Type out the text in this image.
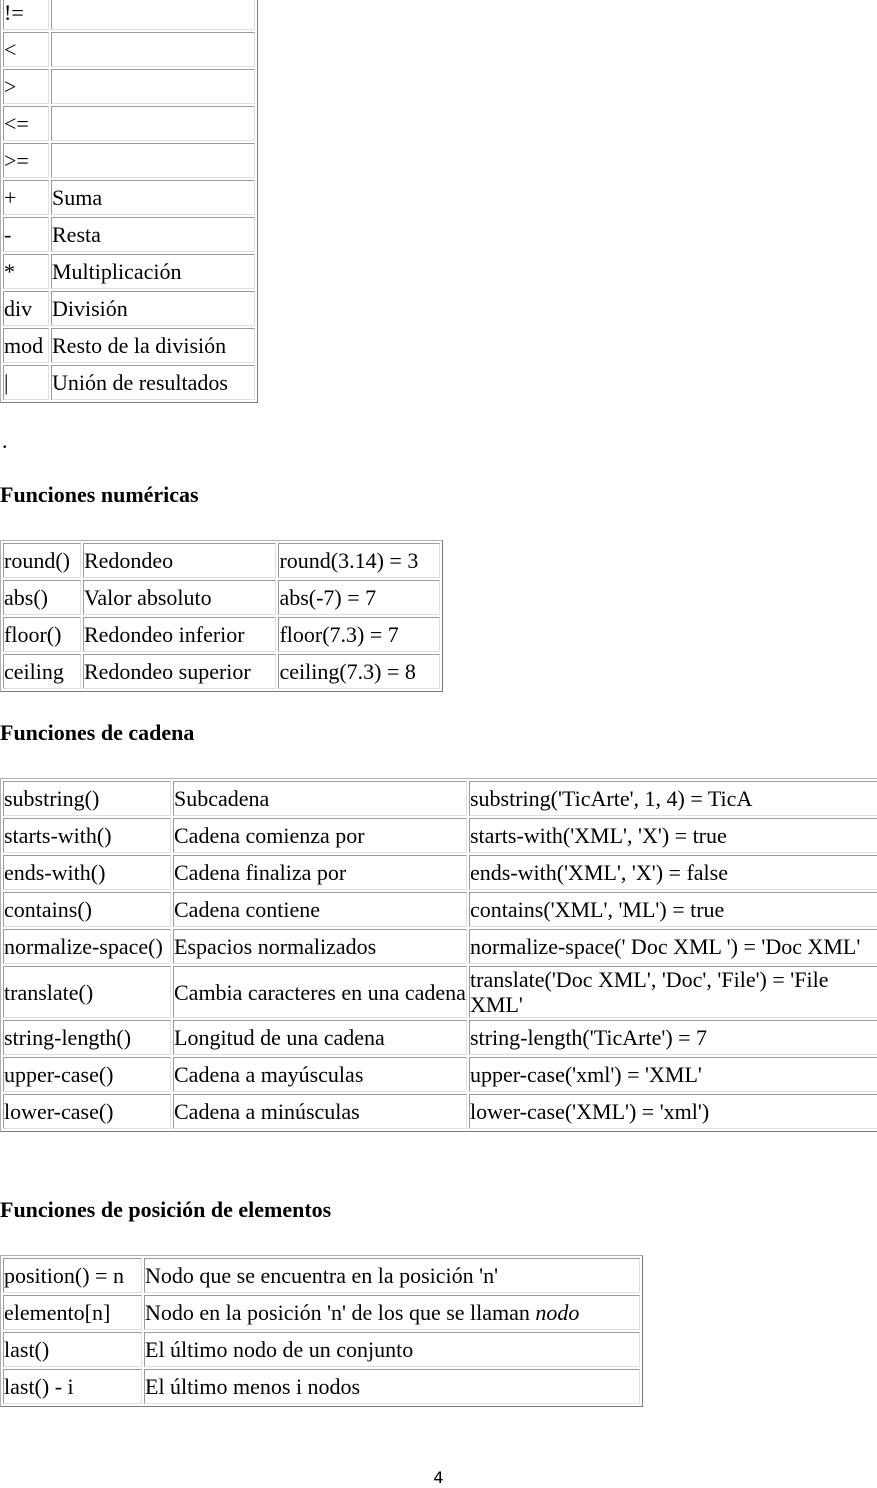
!=	
<	
>	
<=	
>=	
+	Suma
-	Resta
*	Multiplicación
div	División
mod	Resto de la división
|	Unión de resultados
.
Funciones numéricas
round()	Redondeo	round(3.14) = 3
abs()	Valor absoluto	abs(-7) = 7
floor()	Redondeo inferior	floor(7.3) = 7
ceiling	Redondeo superior	ceiling(7.3) = 8
Funciones de cadena
substring()	Subcadena	substring('TicArte', 1, 4) = TicA
starts-with()	Cadena comienza por	starts-with('XML', 'X') = true
ends-with()	Cadena finaliza por	ends-with('XML', 'X') = false
contains()	Cadena contiene	contains('XML', 'ML') = true
normalize-space()	Espacios normalizados	normalize-space(' Doc XML ') = 'Doc XML'
translate()	Cambia caracteres en una cadena	translate('Doc XML', 'Doc', 'File') = 'File XML'
string-length()	Longitud de una cadena	string-length('TicArte') = 7
upper-case()	Cadena a mayúsculas	upper-case('xml') = 'XML'
lower-case()	Cadena a minúsculas	lower-case('XML') = 'xml')
Funciones de posición de elementos
position() = n	Nodo que se encuentra en la posición 'n'
elemento[n]	Nodo en la posición 'n' de los que se llaman nodo
last()	El último nodo de un conjunto
last() - i	El último menos i nodos
4
